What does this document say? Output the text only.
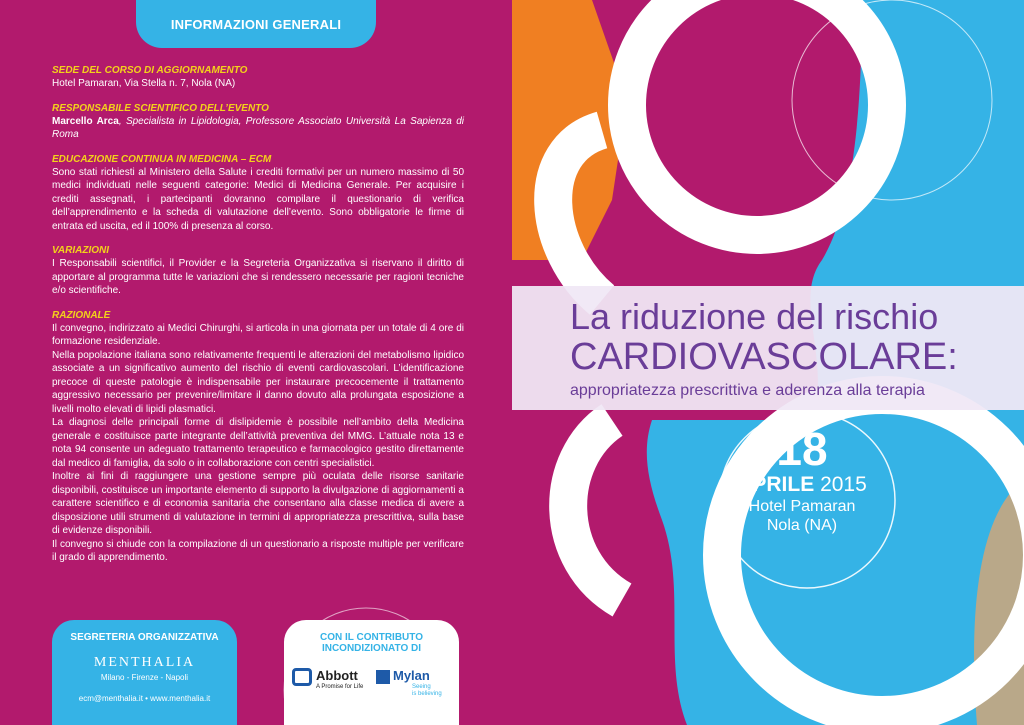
INFORMAZIONI GENERALI
SEDE DEL CORSO DI AGGIORNAMENTO

Hotel Pamaran, Via Stella n. 7, Nola (NA)

RESPONSABILE SCIENTIFICO DELL’EVENTO

Marcello Arca, Specialista in Lipidologia, Professore Associato Università La Sapienza di Roma

EDUCAZIONE CONTINUA IN MEDICINA – ECM

Sono stati richiesti al Ministero della Salute i crediti formativi per un numero massimo di 50 medici individuati nelle seguenti categorie: Medici di Medicina Generale. Per acquisire i crediti assegnati, i partecipanti dovranno compilare il questionario di verifica dell’apprendimento e la scheda di valutazione dell’evento. Sono obbligatorie le firme di entrata ed uscita, ed il 100% di presenza al corso.

VARIAZIONI

I Responsabili scientifici, il Provider e la Segreteria Organizzativa si riservano il diritto di apportare al programma tutte le variazioni che si rendessero necessarie per ragioni tecniche e/o scientifiche.

RAZIONALE

Il convegno, indirizzato ai Medici Chirurghi, si articola in una giornata per un totale di 4 ore di formazione residenziale.

Nella popolazione italiana sono relativamente frequenti le alterazioni del metabolismo lipidico associate a un significativo aumento del rischio di eventi cardiovascolari. L’identificazione precoce di queste patologie è indispensabile per instaurare precocemente il trattamento aggressivo necessario per prevenire/limitare il danno dovuto alla prolungata esposizione a livelli molto elevati di lipidi plasmatici.

La diagnosi delle principali forme di dislipidemie è possibile nell’ambito della Medicina generale e costituisce parte integrante dell’attività preventiva del MMG. L’attuale nota 13 e nota 94 consente un adeguato trattamento terapeutico e farmacologico gestito direttamente dal medico di famiglia, da solo o in collaborazione con centri specialistici.

Inoltre ai fini di raggiungere una gestione sempre più oculata delle risorse sanitarie disponibili, costituisce un importante elemento di supporto la divulgazione di aggiornamenti a carattere scientifico e di economia sanitaria che consentano alla classe medica di avere a disposizione utili strumenti di valutazione in termini di appropriatezza prescrittiva, sulla base di evidenze disponibili.

Il convegno si chiude con la compilazione di un questionario a risposte multiple per verificare il grado di apprendimento.

SEGRETERIA ORGANIZZATIVA
MENTHALIA
Milano - Firenze - Napoli
ecm@menthalia.it • www.menthalia.it
CON IL CONTRIBUTO
INCONDIZIONATO DI
Abbott
A Promise for Life
Mylan
Seeing
is believing
La riduzione del rischio
CARDIOVASCOLARE:
appropriatezza prescrittiva e aderenza alla terapia
18
APRILE 2015
Hotel Pamaran
Nola (NA)
